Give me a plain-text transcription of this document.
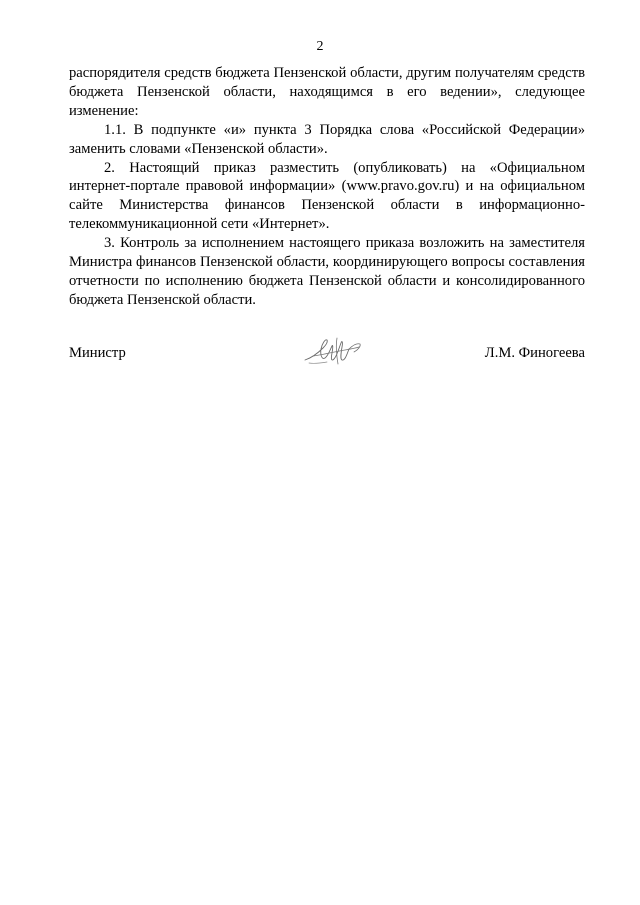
2

распорядителя средств бюджета Пензенской области, другим получателям средств бюджета Пензенской области, находящимся в его ведении», следующее изменение:

1.1. В подпункте «и» пункта 3 Порядка слова «Российской Федерации» заменить словами «Пензенской области».

2. Настоящий приказ разместить (опубликовать) на «Официальном интернет-портале правовой информации» (www.pravo.gov.ru) и на официальном сайте Министерства финансов Пензенской области в информационно-телекоммуникационной сети «Интернет».

3. Контроль за исполнением настоящего приказа возложить на заместителя Министра финансов Пензенской области, координирующего вопросы составления отчетности по исполнению бюджета Пензенской области и консолидированного бюджета Пензенской области.

Министр	Л.М. Финогеева
